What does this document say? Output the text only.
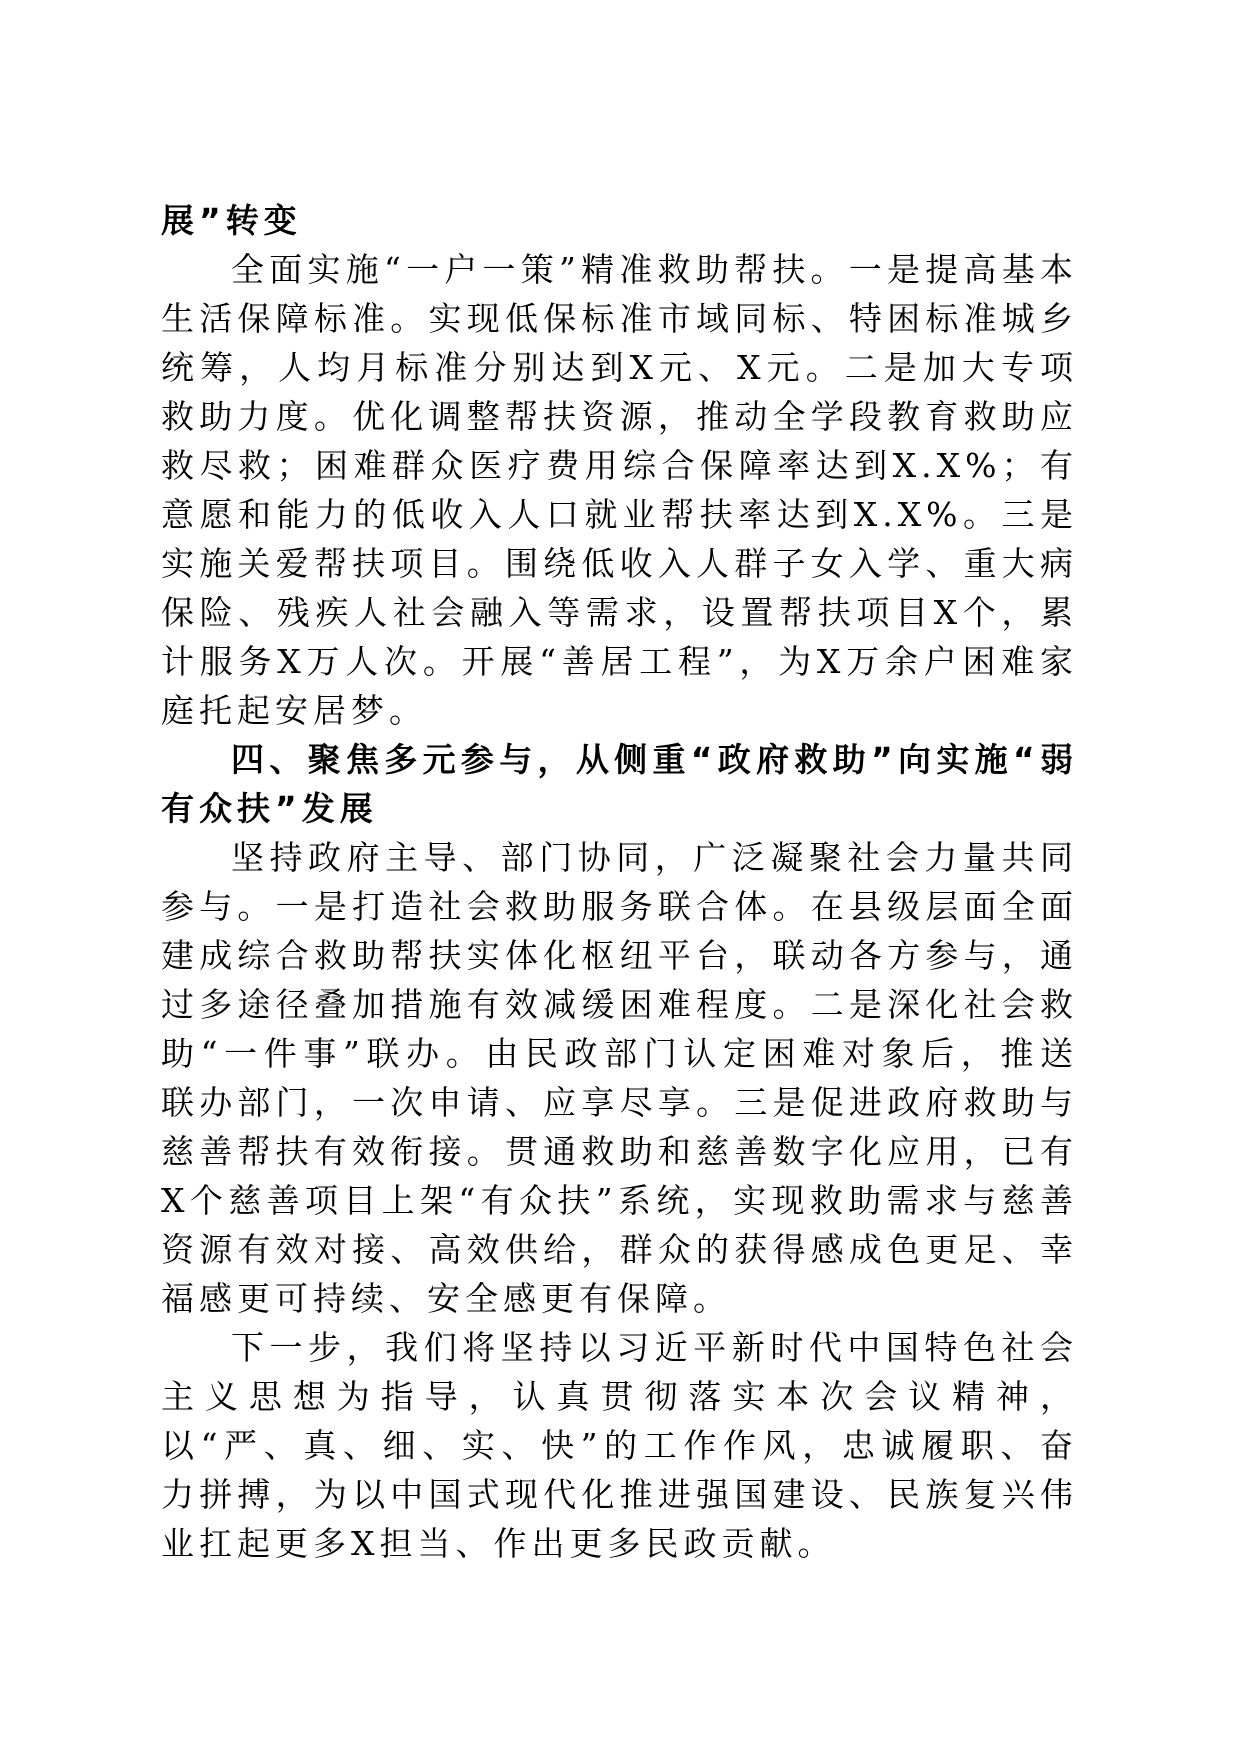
展”转变

全面实施“一户一策”精准救助帮扶。一是提高基本生活保障标准。实现低保标准市域同标、特困标准城乡统筹，人均月标准分别达到X元、X元。二是加大专项救助力度。优化调整帮扶资源，推动全学段教育救助应救尽救；困难群众医疗费用综合保障率达到X.X%；有意愿和能力的低收入人口就业帮扶率达到X.X%。三是实施关爱帮扶项目。围绕低收入人群子女入学、重大病保险、残疾人社会融入等需求，设置帮扶项目X个，累计服务X万人次。开展“善居工程”，为X万余户困难家庭托起安居梦。

四、聚焦多元参与，从侧重“政府救助”向实施“弱有众扶”发展

坚持政府主导、部门协同，广泛凝聚社会力量共同参与。一是打造社会救助服务联合体。在县级层面全面建成综合救助帮扶实体化枢纽平台，联动各方参与，通过多途径叠加措施有效减缓困难程度。二是深化社会救助“一件事”联办。由民政部门认定困难对象后，推送联办部门，一次申请、应享尽享。三是促进政府救助与慈善帮扶有效衔接。贯通救助和慈善数字化应用，已有X个慈善项目上架“有众扶”系统，实现救助需求与慈善资源有效对接、高效供给，群众的获得感成色更足、幸福感更可持续、安全感更有保障。

下一步，我们将坚持以习近平新时代中国特色社会主义思想为指导，认真贯彻落实本次会议精神，以“严、真、细、实、快”的工作作风，忠诚履职、奋力拼搏，为以中国式现代化推进强国建设、民族复兴伟业扛起更多X担当、作出更多民政贡献。
